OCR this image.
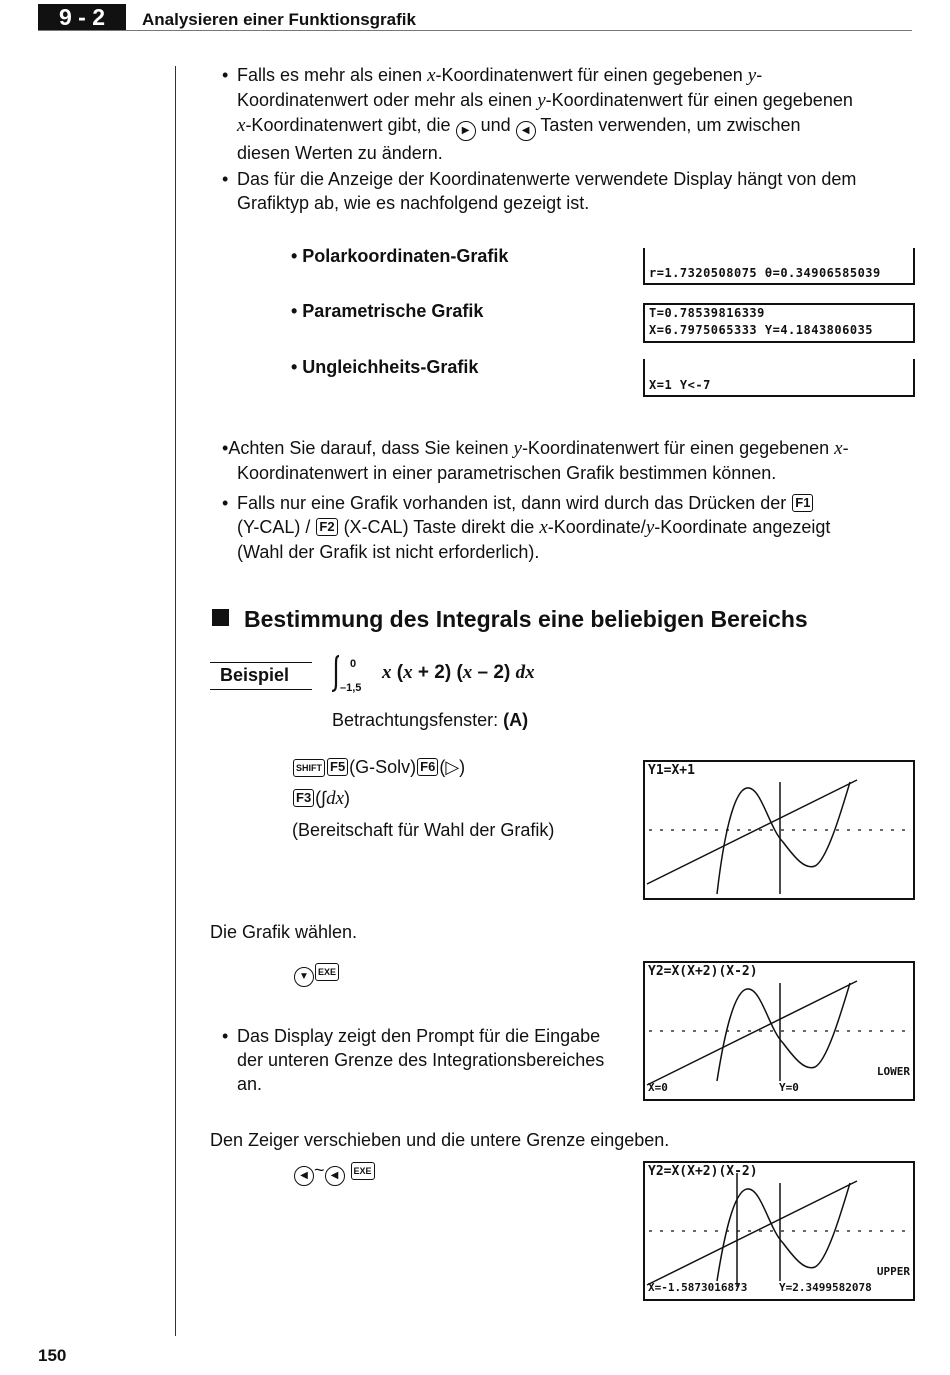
9 - 2	Analysieren einer Funktionsgrafik
• Falls es mehr als einen x-Koordinatenwert für einen gegebenen y-
Koordinatenwert oder mehr als einen y-Koordinatenwert für einen gegebenen
x-Koordinatenwert gibt, die ▶ und ◀ Tasten verwenden, um zwischen
diesen Werten zu ändern.
• Das für die Anzeige der Koordinatenwerte verwendete Display hängt von dem
Grafiktyp ab, wie es nachfolgend gezeigt ist.
• Polarkoordinaten-Grafik
r=1.7320508075 θ=0.34906585039
• Parametrische Grafik	T=0.78539816339
X=6.7975065333 Y=4.1843806035
• Ungleichheits-Grafik
X=1 Y<-7
•Achten Sie darauf, dass Sie keinen y-Koordinatenwert für einen gegebenen x-
Koordinatenwert in einer parametrischen Grafik bestimmen können.
• Falls nur eine Grafik vorhanden ist, dann wird durch das Drücken der F1
(Y-CAL) / F2 (X-CAL) Taste direkt die x-Koordinate/y-Koordinate angezeigt
(Wahl der Grafik ist nicht erforderlich).
Bestimmung des Integrals eine beliebigen Bereichs
Beispiel
0
–1,5
x (x + 2) (x – 2) dx
Betrachtungsfenster: (A)
SHIFT F5 (G-Solv) F6 (▷)
F3 (∫dx)
(Bereitschaft für Wahl der Grafik)
Y1=X+1
Die Grafik wählen.
▼ EXE
• Das Display zeigt den Prompt für die Eingabe
der unteren Grenze des Integrationsbereiches
an.
Y2=X(X+2)(X-2)
LOWER
X=0	Y=0
Den Zeiger verschieben und die untere Grenze eingeben.
◀ ~ ◀ EXE	Y2=X(X+2)(X-2)
UPPER
X=-1.5873016873	Y=2.3499582078
150
